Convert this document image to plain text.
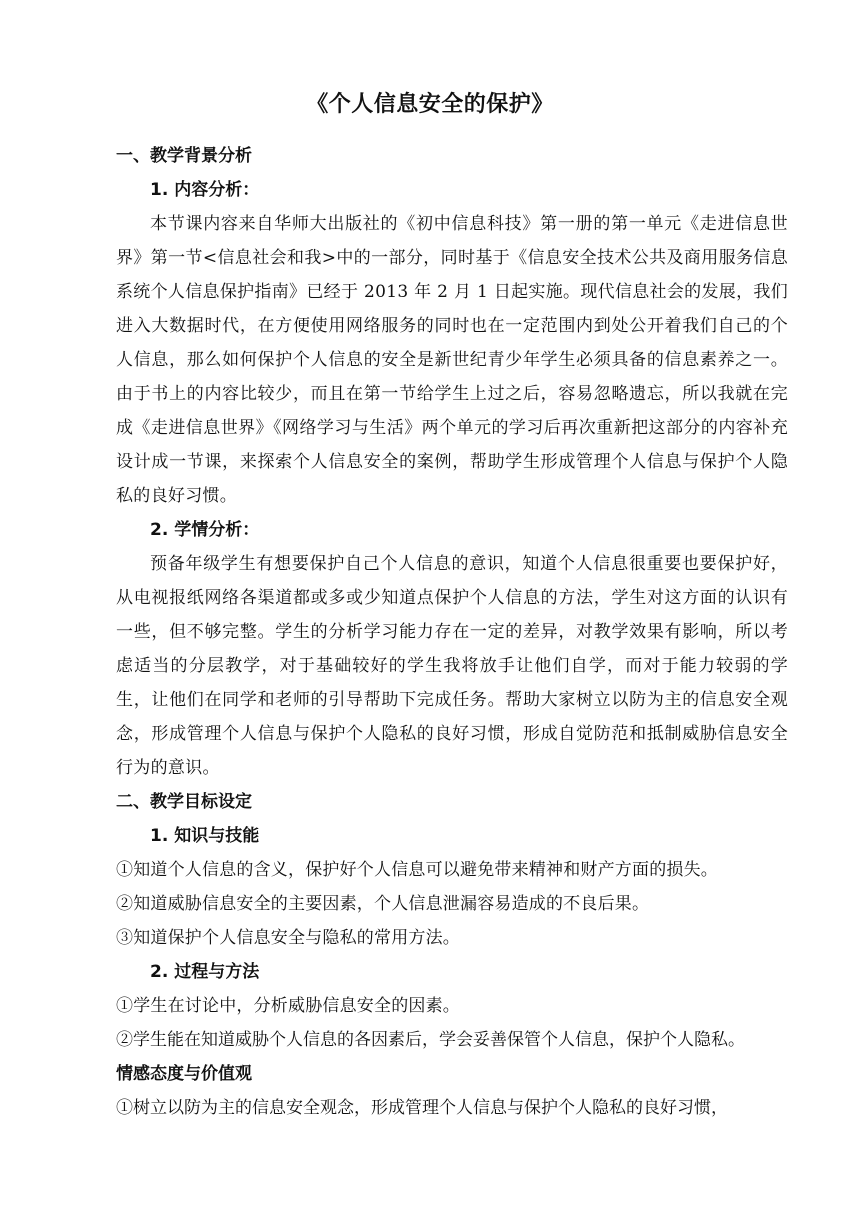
《个人信息安全的保护》
一、教学背景分析
1. 内容分析：

本节课内容来自华师大出版社的《初中信息科技》第一册的第一单元《走进信息世界》第一节<信息社会和我>中的一部分，同时基于《信息安全技术公共及商用服务信息系统个人信息保护指南》已经于 2013 年 2 月 1 日起实施。现代信息社会的发展，我们进入大数据时代，在方便使用网络服务的同时也在一定范围内到处公开着我们自己的个人信息，那么如何保护个人信息的安全是新世纪青少年学生必须具备的信息素养之一。由于书上的内容比较少，而且在第一节给学生上过之后，容易忽略遗忘，所以我就在完成《走进信息世界》《网络学习与生活》两个单元的学习后再次重新把这部分的内容补充设计成一节课，来探索个人信息安全的案例，帮助学生形成管理个人信息与保护个人隐私的良好习惯。

2. 学情分析：

预备年级学生有想要保护自己个人信息的意识，知道个人信息很重要也要保护好，从电视报纸网络各渠道都或多或少知道点保护个人信息的方法，学生对这方面的认识有一些，但不够完整。学生的分析学习能力存在一定的差异，对教学效果有影响，所以考虑适当的分层教学，对于基础较好的学生我将放手让他们自学，而对于能力较弱的学生，让他们在同学和老师的引导帮助下完成任务。帮助大家树立以防为主的信息安全观念，形成管理个人信息与保护个人隐私的良好习惯，形成自觉防范和抵制威胁信息安全行为的意识。

二、教学目标设定
1. 知识与技能
①知道个人信息的含义，保护好个人信息可以避免带来精神和财产方面的损失。
②知道威胁信息安全的主要因素，个人信息泄漏容易造成的不良后果。
③知道保护个人信息安全与隐私的常用方法。
2. 过程与方法
①学生在讨论中，分析威胁信息安全的因素。
②学生能在知道威胁个人信息的各因素后，学会妥善保管个人信息，保护个人隐私。
情感态度与价值观
①树立以防为主的信息安全观念，形成管理个人信息与保护个人隐私的良好习惯，
